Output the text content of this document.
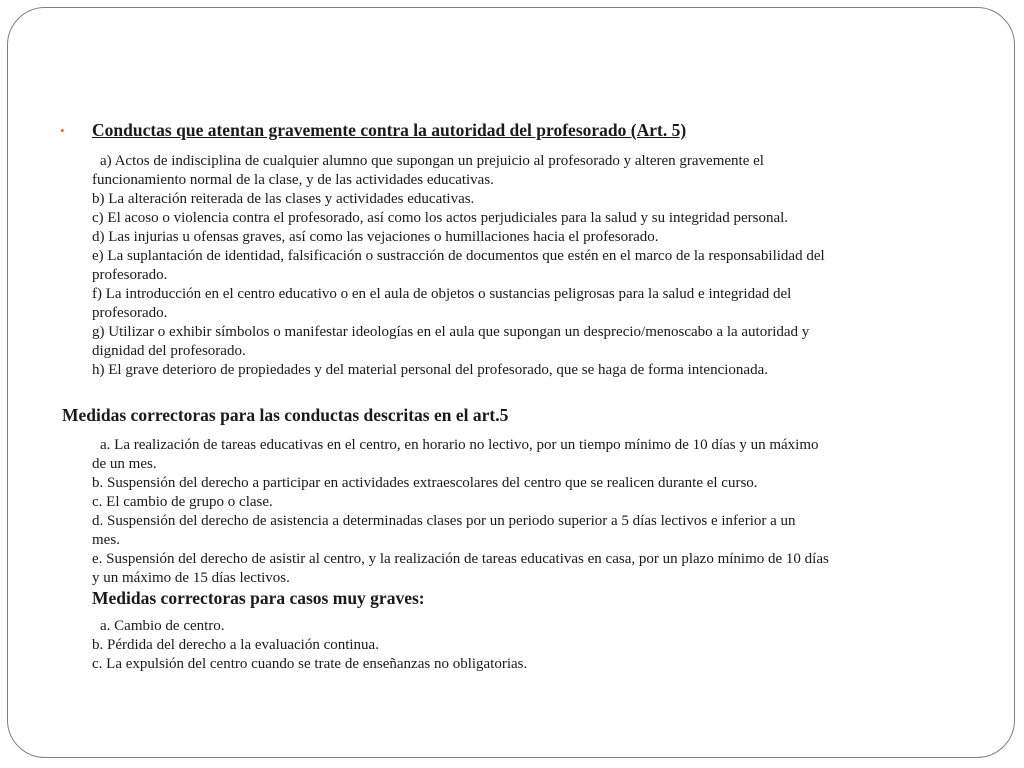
• Conductas que atentan gravemente contra la autoridad del profesorado (Art. 5)
a) Actos de indisciplina de cualquier alumno que supongan un prejuicio al profesorado y alteren gravemente el
funcionamiento normal de la clase, y de las actividades educativas.
b) La alteración reiterada de las clases y actividades educativas.
c) El acoso o violencia contra el profesorado, así como los actos perjudiciales para la salud y su integridad personal.
d) Las injurias u ofensas graves, así como las vejaciones o humillaciones hacia el profesorado.
e) La suplantación de identidad, falsificación o sustracción de documentos que estén en el marco de la responsabilidad del
profesorado.
f) La introducción en el centro educativo o en el aula de objetos o sustancias peligrosas para la salud e integridad del
profesorado.
g) Utilizar o exhibir símbolos o manifestar ideologías en el aula que supongan un desprecio/menoscabo a la autoridad y
dignidad del profesorado.
h) El grave deterioro de propiedades y del material personal del profesorado, que se haga de forma intencionada.
Medidas correctoras para las conductas descritas en el art.5
a. La realización de tareas educativas en el centro, en horario no lectivo, por un tiempo mínimo de 10 días y un máximo
de un mes.
b. Suspensión del derecho a participar en actividades extraescolares del centro que se realicen durante el curso.
c. El cambio de grupo o clase.
d. Suspensión del derecho de asistencia a determinadas clases por un periodo superior a 5 días lectivos e inferior a un
mes.
e. Suspensión del derecho de asistir al centro, y la realización de tareas educativas en casa, por un plazo mínimo de 10 días
y un máximo de 15 días lectivos.
Medidas correctoras para casos muy graves:
a. Cambio de centro.
b. Pérdida del derecho a la evaluación continua.
c. La expulsión del centro cuando se trate de enseñanzas no obligatorias.
